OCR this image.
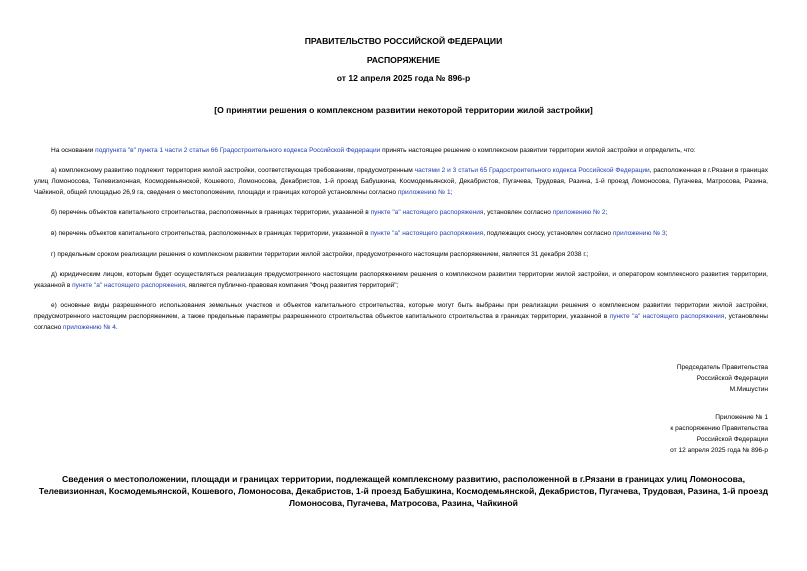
ПРАВИТЕЛЬСТВО РОССИЙСКОЙ ФЕДЕРАЦИИ
РАСПОРЯЖЕНИЕ
от 12 апреля 2025 года № 896-р
[О принятии решения о комплексном развитии некоторой территории жилой застройки]
На основании подпункта "в" пункта 1 части 2 статьи 66 Градостроительного кодекса Российской Федерации принять настоящее решение о комплексном развитии территории жилой застройки и определить, что:
а) комплексному развитию подлежит территория жилой застройки, соответствующая требованиям, предусмотренным частями 2 и 3 статьи 65 Градостроительного кодекса Российской Федерации, расположенная в г.Рязани в границах улиц Ломоносова, Телевизионная, Космодемьянской, Кошевого, Ломоносова, Декабристов, 1-й проезд Бабушкина, Космодемьянской, Декабристов, Пугачева, Трудовая, Разина, 1-й проезд Ломоносова, Пугачева, Матросова, Разина, Чайкиной, общей площадью 26,9 га, сведения о местоположении, площади и границах которой установлены согласно приложению № 1;
б) перечень объектов капитального строительства, расположенных в границах территории, указанной в пункте "а" настоящего распоряжения, установлен согласно приложению № 2;
в) перечень объектов капитального строительства, расположенных в границах территории, указанной в пункте "а" настоящего распоряжения, подлежащих сносу, установлен согласно приложению № 3;
г) предельным сроком реализации решения о комплексном развитии территории жилой застройки, предусмотренного настоящим распоряжением, является 31 декабря 2038 г.;
д) юридическим лицом, которым будет осуществляться реализация предусмотренного настоящим распоряжением решения о комплексном развитии территории жилой застройки, и оператором комплексного развития территории, указанной в пункте "а" настоящего распоряжения, является публично-правовая компания "Фонд развития территорий";
е) основные виды разрешенного использования земельных участков и объектов капитального строительства, которые могут быть выбраны при реализации решения о комплексном развитии территории жилой застройки, предусмотренного настоящим распоряжением, а также предельные параметры разрешенного строительства объектов капитального строительства в границах территории, указанной в пункте "а" настоящего распоряжения, установлены согласно приложению № 4.
Председатель Правительства
Российской Федерации
М.Мишустин
Приложение № 1
к распоряжению Правительства
Российской Федерации
от 12 апреля 2025 года № 896-р
Сведения о местоположении, площади и границах территории, подлежащей комплексному развитию, расположенной в г.Рязани в границах улиц Ломоносова, Телевизионная, Космодемьянской, Кошевого, Ломоносова, Декабристов, 1-й проезд Бабушкина, Космодемьянской, Декабристов, Пугачева, Трудовая, Разина, 1-й проезд Ломоносова, Пугачева, Матросова, Разина, Чайкиной
